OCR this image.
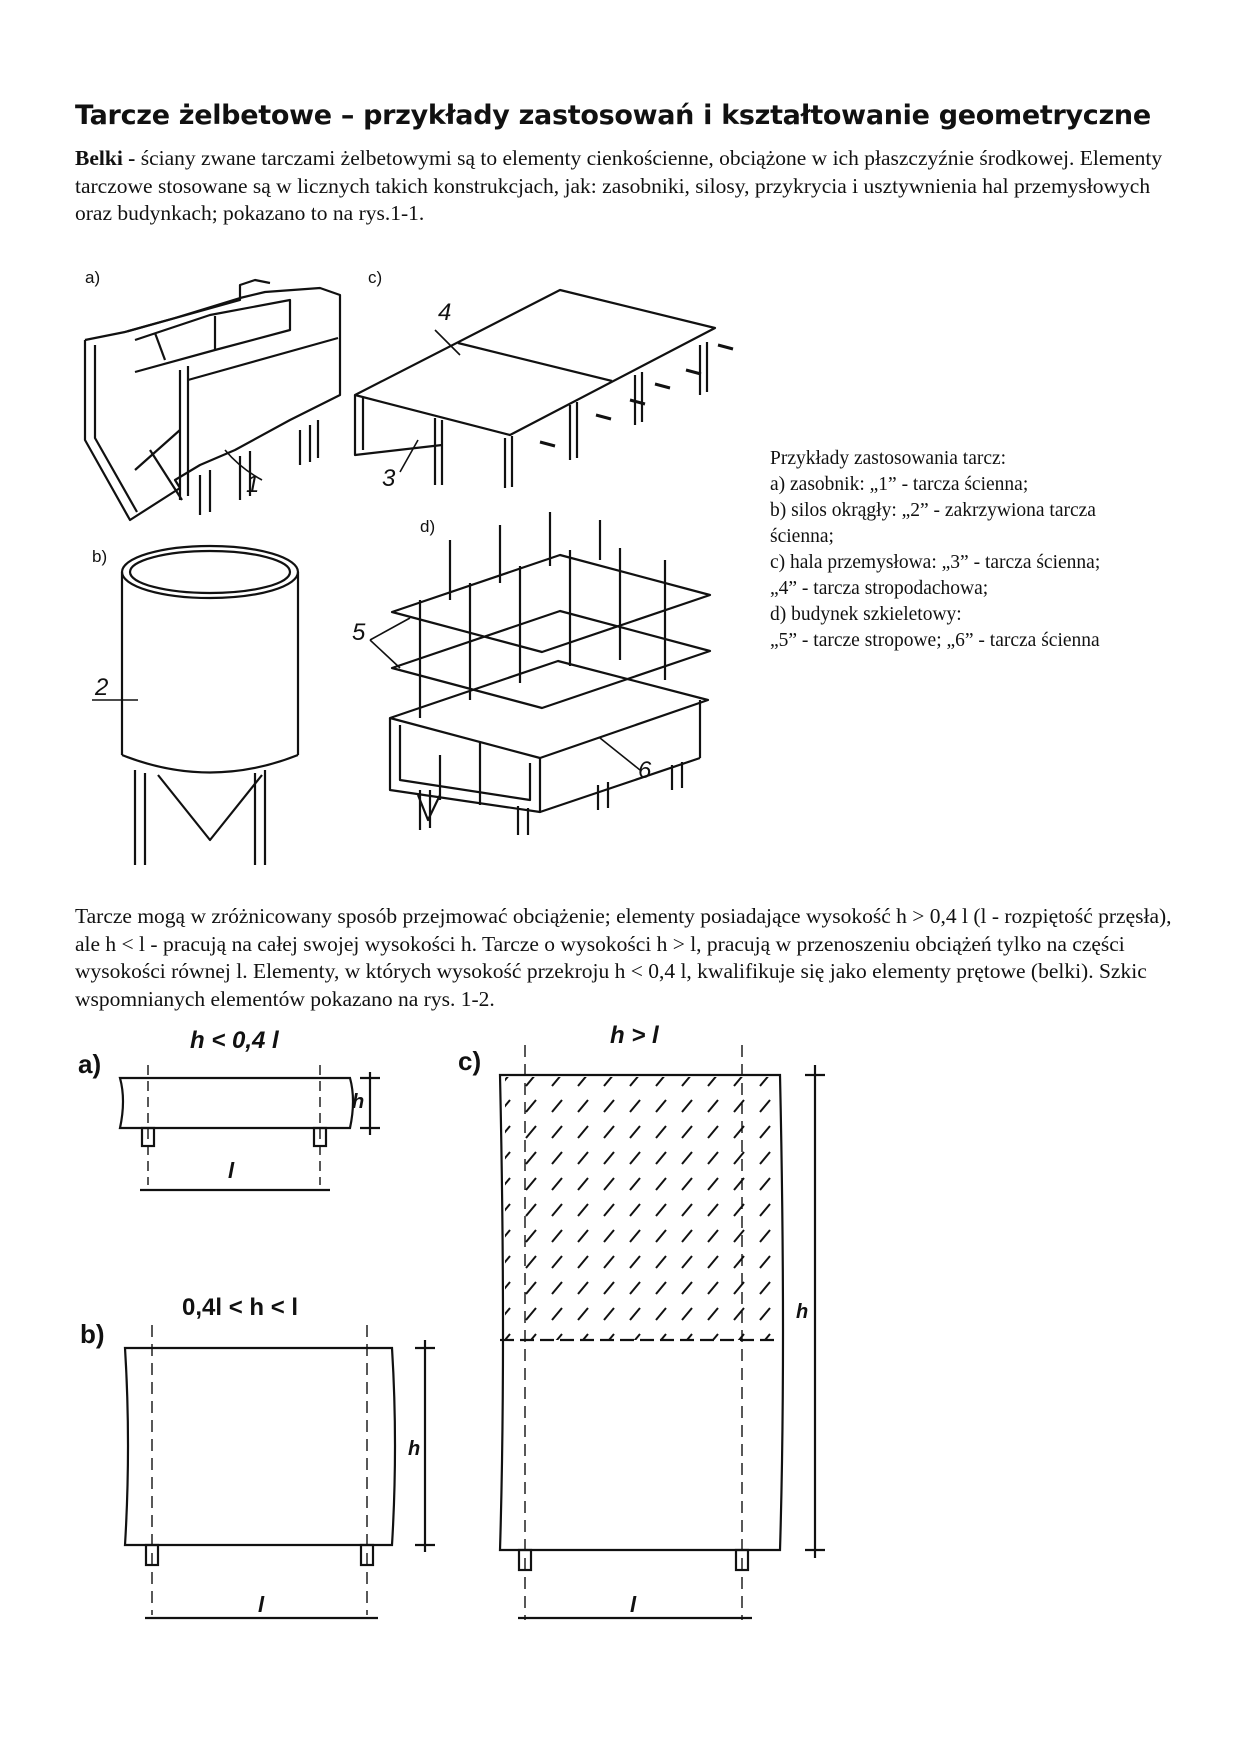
Tarcze żelbetowe – przykłady zastosowań i kształtowanie geometryczne

Belki - ściany zwane tarczami żelbetowymi są to elementy cienkościenne, obciążone w ich płaszczyźnie środkowej. Elementy tarczowe stosowane są w licznych takich konstrukcjach, jak: zasobniki, silosy, przykrycia i usztywnienia hal przemysłowych oraz budynkach; pokazano to na rys.1-1.

a)
1
c)
4
3
b)
2
d)
5
6
Przykłady zastosowania tarcz:
a) zasobnik: „1” - tarcza ścienna;
b) silos okrągły: „2” - zakrzywiona tarcza
ścienna;
c) hala przemysłowa: „3” - tarcza ścienna;
„4” - tarcza stropodachowa;
d) budynek szkieletowy:
„5” - tarcze stropowe; „6” - tarcza ścienna

Tarcze mogą w zróżnicowany sposób przejmować obciążenie; elementy posiadające wysokość h > 0,4 l (l - rozpiętość przęsła), ale h < l - pracują na całej swojej wysokości h. Tarcze o wysokości h > l, pracują w przenoszeniu obciążeń tylko na części wysokości równej l. Elementy, w których wysokość przekroju h < 0,4 l, kwalifikuje się jako elementy prętowe (belki). Szkic wspomnianych elementów pokazano na rys. 1-2.

a)
h < 0,4 l
l
h
b)
0,4l < h < l
l
h
c)
h > l
l
h
